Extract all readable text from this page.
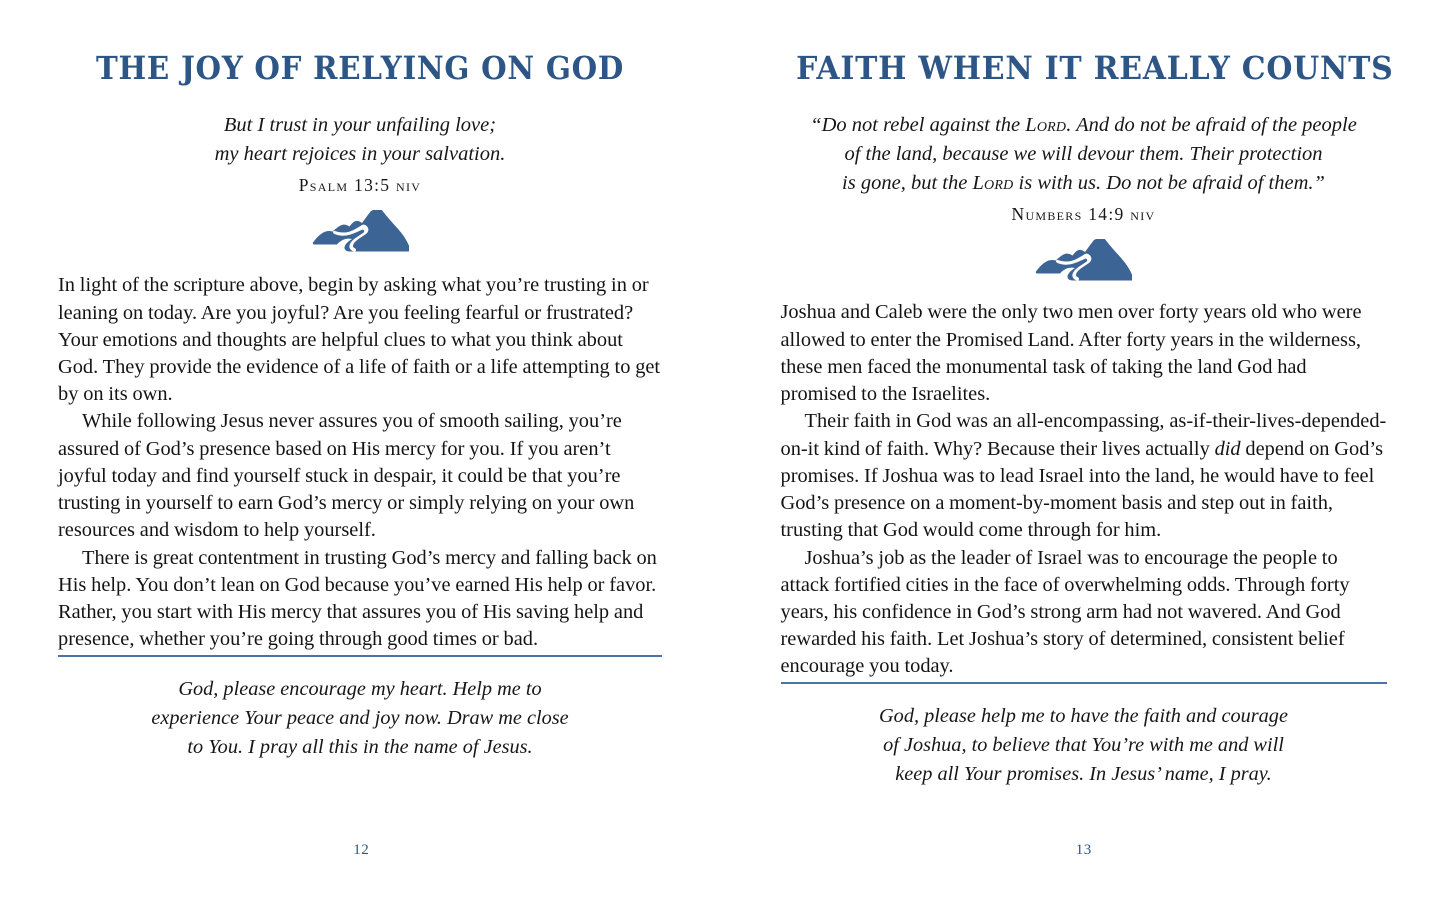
THE JOY OF RELYING ON GOD
But I trust in your unfailing love;
my heart rejoices in your salvation.
Psalm 13:5 niv

In light of the scripture above, begin by asking what you’re trusting in or leaning on today. Are you joyful? Are you feeling fearful or frustrated? Your emotions and thoughts are helpful clues to what you think about God. They provide the evidence of a life of faith or a life attempting to get by on its own.

While following Jesus never assures you of smooth sailing, you’re assured of God’s presence based on His mercy for you. If you aren’t joyful today and find yourself stuck in despair, it could be that you’re trusting in yourself to earn God’s mercy or simply relying on your own resources and wisdom to help yourself.

There is great contentment in trusting God’s mercy and falling back on His help. You don’t lean on God because you’ve earned His help or favor. Rather, you start with His mercy that assures you of His saving help and presence, whether you’re going through good times or bad.

God, please encourage my heart. Help me to
experience Your peace and joy now. Draw me close
to You. I pray all this in the name of Jesus.
12
FAITH WHEN IT REALLY COUNTS
“Do not rebel against the Lord. And do not be afraid of the people
of the land, because we will devour them. Their protection
is gone, but the Lord is with us. Do not be afraid of them.”
Numbers 14:9 niv

Joshua and Caleb were the only two men over forty years old who were allowed to enter the Promised Land. After forty years in the wilderness, these men faced the monumental task of taking the land God had promised to the Israelites.

Their faith in God was an all-encompassing, as-if-their-lives-depended-on-it kind of faith. Why? Because their lives actually did depend on God’s promises. If Joshua was to lead Israel into the land, he would have to feel God’s presence on a moment-by-moment basis and step out in faith, trusting that God would come through for him.

Joshua’s job as the leader of Israel was to encourage the people to attack fortified cities in the face of overwhelming odds. Through forty years, his confidence in God’s strong arm had not wavered. And God rewarded his faith. Let Joshua’s story of determined, consistent belief encourage you today.

God, please help me to have the faith and courage
of Joshua, to believe that You’re with me and will
keep all Your promises. In Jesus’ name, I pray.
13
